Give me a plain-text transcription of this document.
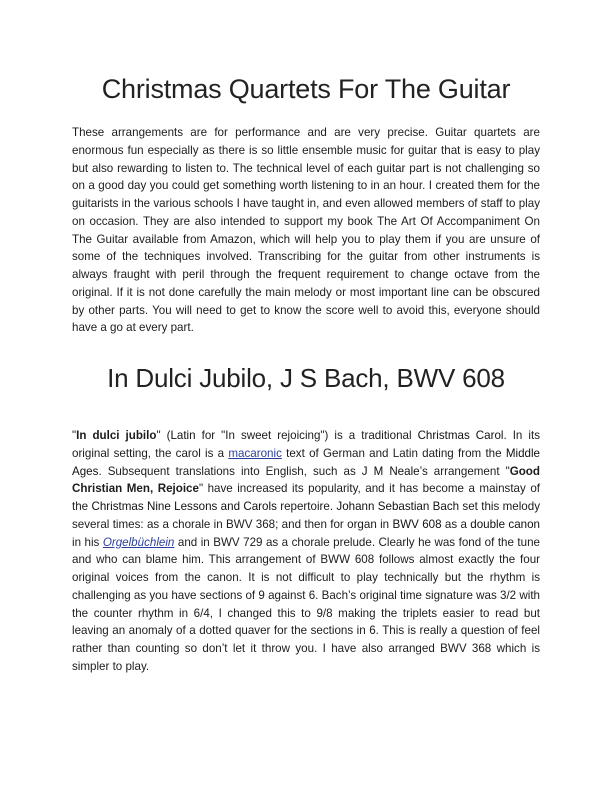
Christmas Quartets For The Guitar

These arrangements are for performance and are very precise. Guitar quartets are enormous fun especially as there is so little ensemble music for guitar that is easy to play but also rewarding to listen to. The technical level of each guitar part is not challenging so on a good day you could get something worth listening to in an hour. I created them for the guitarists in the various schools I have taught in, and even allowed members of staff to play on occasion. They are also intended to support my book The Art Of Accompaniment On The Guitar available from Amazon, which will help you to play them if you are unsure of some of the techniques involved. Transcribing for the guitar from other instruments is always fraught with peril through the frequent requirement to change octave from the original. If it is not done carefully the main melody or most important line can be obscured by other parts. You will need to get to know the score well to avoid this, everyone should have a go at every part.

In Dulci Jubilo, J S Bach, BWV 608

"In dulci jubilo" (Latin for "In sweet rejoicing") is a traditional Christmas Carol. In its original setting, the carol is a macaronic text of German and Latin dating from the Middle Ages. Subsequent translations into English, such as J M Neale’s arrangement "Good Christian Men, Rejoice" have increased its popularity, and it has become a mainstay of the Christmas Nine Lessons and Carols repertoire. Johann Sebastian Bach set this melody several times: as a chorale in BWV 368; and then for organ in BWV 608 as a double canon in his Orgelbüchlein and in BWV 729 as a chorale prelude. Clearly he was fond of the tune and who can blame him. This arrangement of BWW 608 follows almost exactly the four original voices from the canon. It is not difficult to play technically but the rhythm is challenging as you have sections of 9 against 6. Bach’s original time signature was 3/2 with the counter rhythm in 6/4, I changed this to 9/8 making the triplets easier to read but leaving an anomaly of a dotted quaver for the sections in 6. This is really a question of feel rather than counting so don’t let it throw you. I have also arranged BWV 368 which is simpler to play.
